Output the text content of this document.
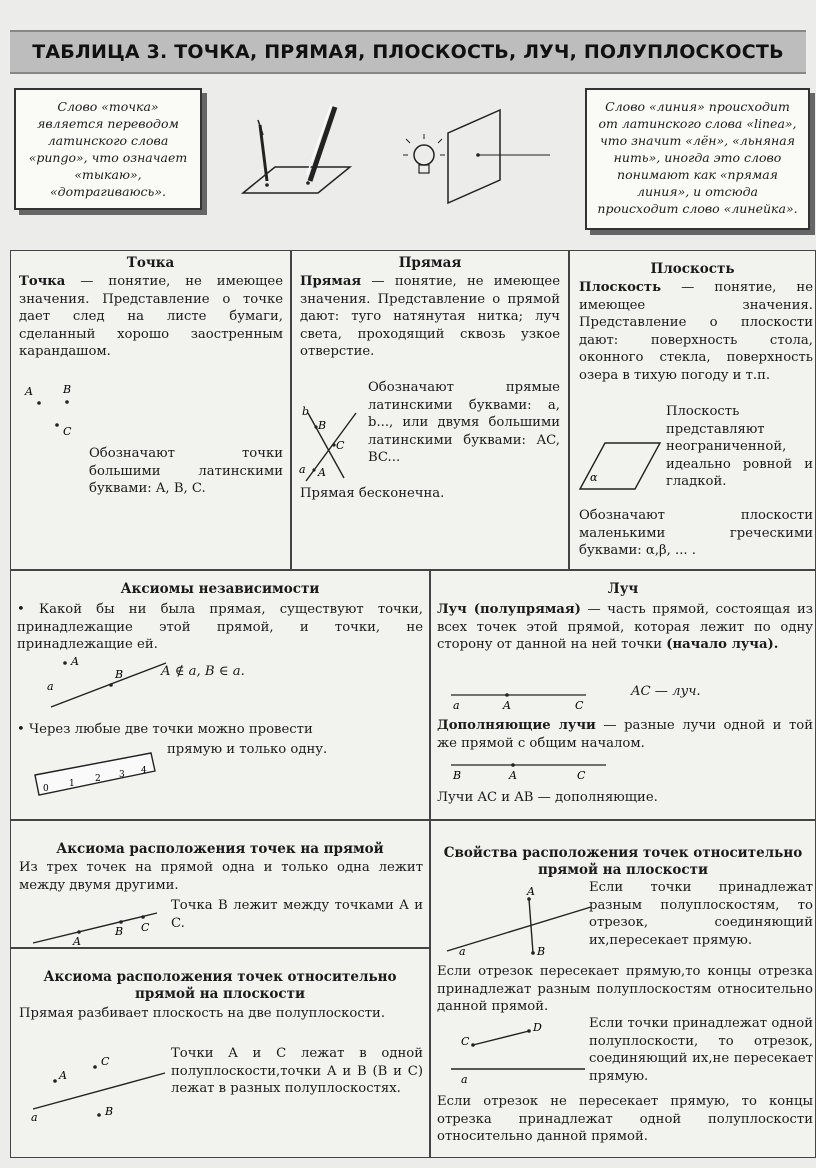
ТАБЛИЦА 3. ТОЧКА, ПРЯМАЯ, ПЛОСКОСТЬ, ЛУЧ, ПОЛУПЛОСКОСТЬ
Слово «точка» является переводом латинского слова «pungo», что означает «тыкаю», «дотрагиваюсь».
Слово «линия» происходит от латинского слова «linea», что значит «лён», «льняная нить», иногда это слово понимают как «прямая линия», и отсюда происходит слово «линейка».
Точка
Точка — понятие, не имеющее значения. Представление о точке дает след на листе бумаги, сделанный хорошо заостренным карандашом.
A	B
C
Обозначают точки большими латинскими буквами: A, B, C.
Прямая
Прямая — понятие, не имеющее значения. Представление о прямой дают: туго натянутая нитка; луч света, проходящий сквозь узкое отверстие.
b
B
C
a A
Обозначают прямые латинскими буквами: a, b..., или двумя большими латинскими буквами: AC, BC...
Прямая бесконечна.
Плоскость
Плоскость — понятие, не имеющее значения. Представление о плоскости дают: поверхность стола, оконного стекла, поверхность озера в тихую погоду и т.п.
α
Плоскость представляют неограниченной, идеально ровной и гладкой.
Обозначают плоскости маленькими греческими буквами: α,β, ... .
Аксиомы независимости
• Какой бы ни была прямая, существуют точки, принадлежащие этой прямой, и точки, не принадлежащие ей.
A
B
a
A ∉ a, B ∈ a.
• Через любые две точки можно провести
прямую и только одну.
0 1 2 3 4
Луч
Луч (полупрямая) — часть прямой, состоящая из всех точек этой прямой, которая лежит по одну сторону от данной на ней точки (начало луча).
a	A	C
AC — луч.
Дополняющие лучи — разные лучи одной и той же прямой с общим началом.
B	A	C
Лучи AC и AB — дополняющие.
Аксиома расположения точек на прямой
Из трех точек на прямой одна и только одна лежит между двумя другими.
A
B C
Точка B лежит между точками A и C.
Аксиома расположения точек относительно прямой на плоскости
Прямая разбивает плоскость на две полуплоскости.
C
A
a	B
Точки A и C лежат в одной полуплоскости,точки A и B (B и C) лежат в разных полуплоскостях.
Свойства расположения точек относительно прямой на плоскости
A
a	B
Если точки принадлежат разным полуплоскостям, то отрезок, соединяющий их,пересекает прямую.
Если отрезок пересекает прямую,то концы отрезка принадлежат разным полуплоскостям относительно данной прямой.
C
D
a
Если точки принадлежат одной полуплоскости, то отрезок, соединяющий их,не пересекает прямую.
Если отрезок не пересекает прямую, то концы отрезка принадлежат одной полуплоскости относительно данной прямой.
